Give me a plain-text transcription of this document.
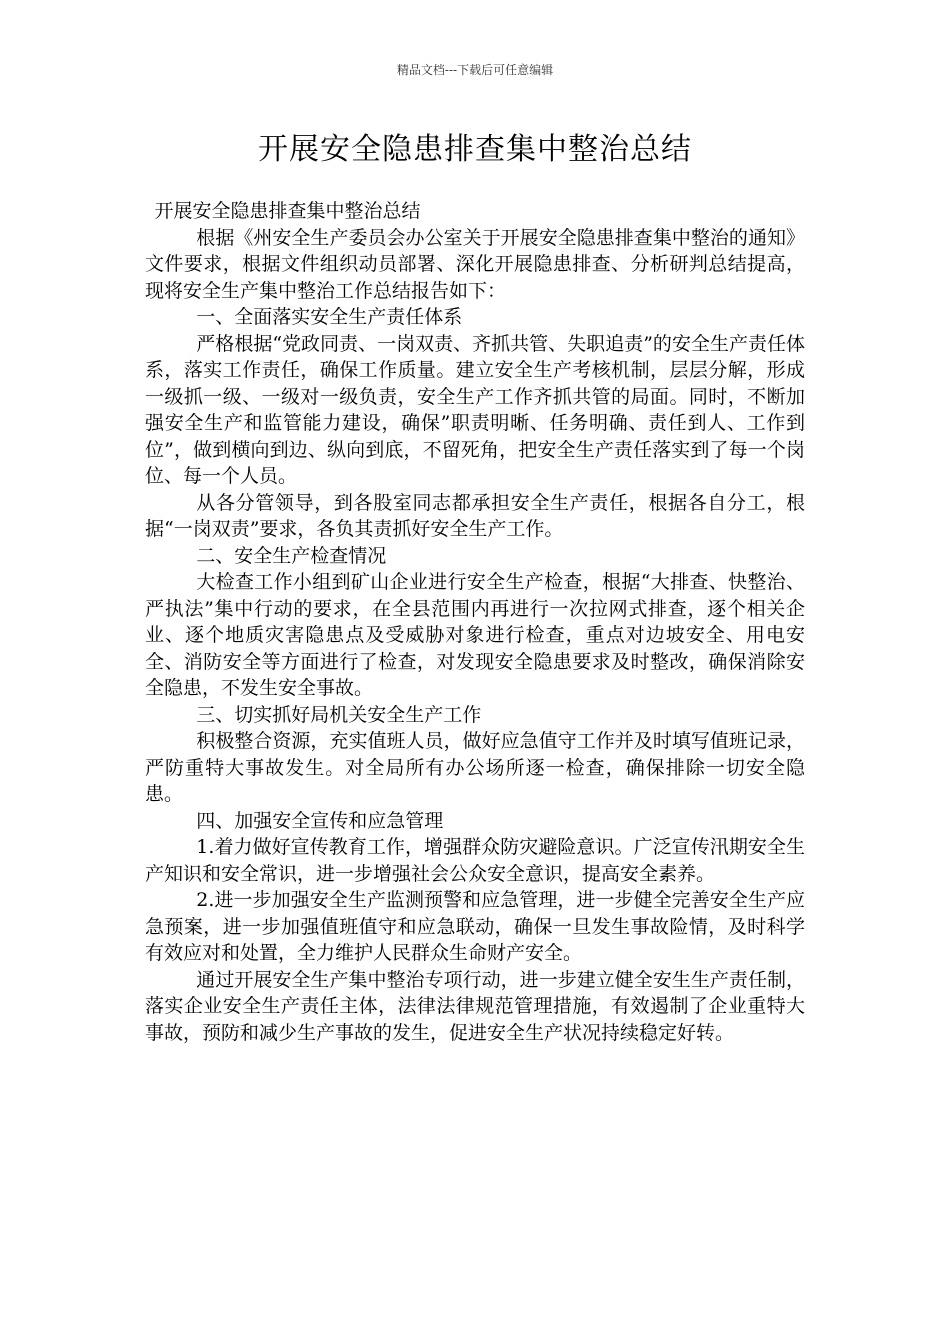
精品文档---下载后可任意编辑
开展安全隐患排查集中整治总结

开展安全隐患排查集中整治总结

根据《州安全生产委员会办公室关于开展安全隐患排查集中整治的通知》文件要求，根据文件组织动员部署、深化开展隐患排查、分析研判总结提高，现将安全生产集中整治工作总结报告如下：

一、全面落实安全生产责任体系

严格根据“党政同责、一岗双责、齐抓共管、失职追责”的安全生产责任体系，落实工作责任，确保工作质量。建立安全生产考核机制，层层分解，形成一级抓一级、一级对一级负责，安全生产工作齐抓共管的局面。同时，不断加强安全生产和监管能力建设，确保”职责明晰、任务明确、责任到人、工作到位”，做到横向到边、纵向到底，不留死角，把安全生产责任落实到了每一个岗位、每一个人员。

从各分管领导，到各股室同志都承担安全生产责任，根据各自分工，根据“一岗双责”要求，各负其责抓好安全生产工作。

二、安全生产检查情况

大检查工作小组到矿山企业进行安全生产检查，根据“大排查、快整治、严执法”集中行动的要求，在全县范围内再进行一次拉网式排查，逐个相关企业、逐个地质灾害隐患点及受威胁对象进行检查，重点对边坡安全、用电安全、消防安全等方面进行了检查，对发现安全隐患要求及时整改，确保消除安全隐患，不发生安全事故。

三、切实抓好局机关安全生产工作

积极整合资源，充实值班人员，做好应急值守工作并及时填写值班记录，严防重特大事故发生。对全局所有办公场所逐一检查，确保排除一切安全隐患。

四、加强安全宣传和应急管理

1.着力做好宣传教育工作，增强群众防灾避险意识。广泛宣传汛期安全生产知识和安全常识，进一步增强社会公众安全意识，提高安全素养。

2.进一步加强安全生产监测预警和应急管理，进一步健全完善安全生产应急预案，进一步加强值班值守和应急联动，确保一旦发生事故险情，及时科学有效应对和处置，全力维护人民群众生命财产安全。

通过开展安全生产集中整治专项行动，进一步建立健全安生生产责任制，落实企业安全生产责任主体，法律法律规范管理措施，有效遏制了企业重特大事故，预防和减少生产事故的发生，促进安全生产状况持续稳定好转。
